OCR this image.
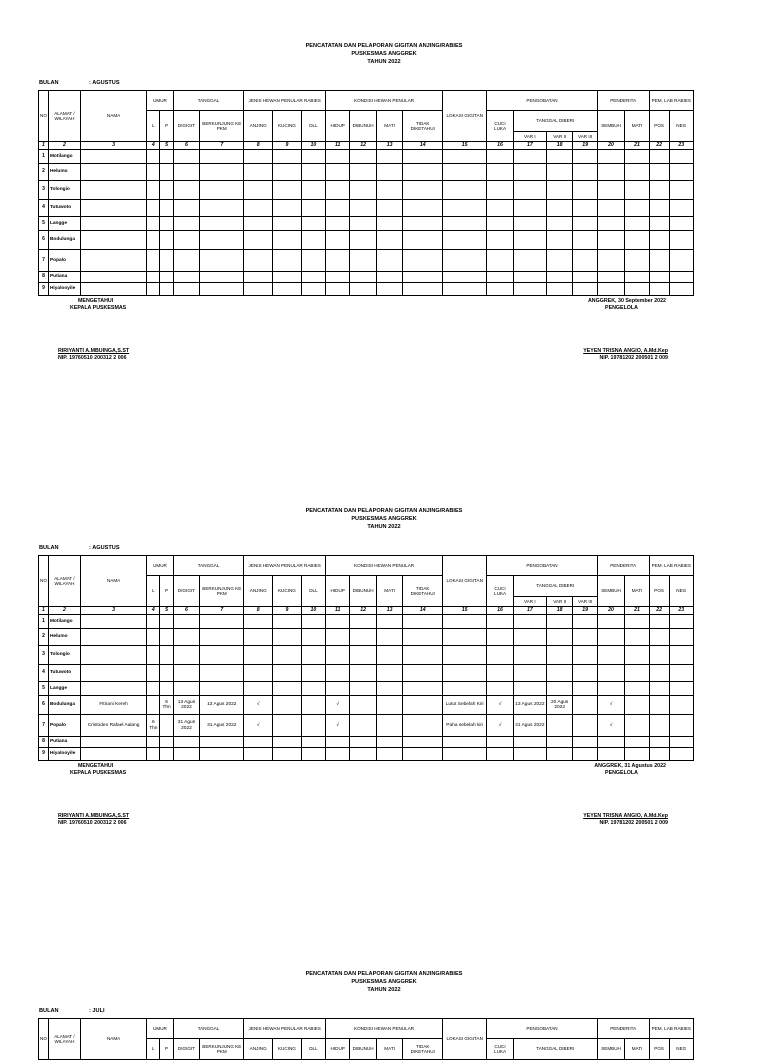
PENCATATAN DAN PELAPORAN GIGITAN ANJING/RABIES
PUSKESMAS ANGGREK
TAHUN 2022
BULAN	: AGUSTUS
NO	ALAMAT /
WILAYAH	NAMA	UMUR		TANGGAL		JENIS HEWAN PENULAR RABIES			KONDISI HEWAN PENULAR				LOKASI GIGITAN	PENGOBATAN				PENDERITA		PEM. LAB RABIES	
			L	P	DIGIGIT	BERKUNJUNG KE PKM	ANJING	KUCING	DLL	HIDUP	DIBUNUH	MATI	TIDAK DIKETAHUI		CUCI LUKA	TANGGAL DIBERI			SEMBUH	MATI	POS	NEG
																VAR I	VAR II	VAR III				
1	2	3	4	5	6	7	8	9	10	11	12	13	14	15	16	17	18	19	20	21	22	23
1	Motilango																					
2	Helumo																					
3	Tolongio																					
4	Tutuwoto																					
5	Langge																					
6	Bodulunga																					
7	Popalo																					
8	Putiana																					
9	Hiyalooyile																					
MENGETAHUI
KEPALA PUSKESMAS
ANGGREK, 30 September 2022
PENGELOLA
RIRIYANTI A.MBUINGA,S.ST
NIP. 19760510 200312 2 006
YEYEN TRISNA ANGIO, A.Md.Kep
NIP. 19781202 200501 2 009
PENCATATAN DAN PELAPORAN GIGITAN ANJING/RABIES
PUSKESMAS ANGGREK
TAHUN 2022
BULAN	: AGUSTUS
NO	ALAMAT /
WILAYAH	NAMA	UMUR		TANGGAL		JENIS HEWAN PENULAR RABIES			KONDISI HEWAN PENULAR				LOKASI GIGITAN	PENGOBATAN				PENDERITA		PEM. LAB RABIES	
			L	P	DIGIGIT	BERKUNJUNG KE PKM	ANJING	KUCING	DLL	HIDUP	DIBUNUH	MATI	TIDAK DIKETAHUI		CUCI LUKA	TANGGAL DIBERI			SEMBUH	MATI	POS	NEG
																VAR I	VAR II	VAR III				
1	2	3	4	5	6	7	8	9	10	11	12	13	14	15	16	17	18	19	20	21	22	23
1	Motilango																					
2	Helumo																					
3	Tolongio																					
4	Tutuwoto																					
5	Langge																					
6	Bodulunga	Fitriani Kereh		6 Thn	13 Agus 2022	13 Agus 2022	√			√				Lutut Sebelah Kiri	√	13 Agus 2022	20 Agus 2022		√			
7	Popalo	Cristodeo Rafael Aalang	6 Thn		31 Agus 2022	31 Agus 2022	√			√				Paha sebelah kiri	√	31 Agus 2022			√			
8	Putiana																					
9	Hiyalooyile																					
MENGETAHUI
KEPALA PUSKESMAS
ANGGREK, 31 Agustus 2022
PENGELOLA
RIRIYANTI A.MBUINGA,S.ST
NIP. 19760510 200312 2 006
YEYEN TRISNA ANGIO, A.Md.Kep
NIP. 19781202 200501 2 009
PENCATATAN DAN PELAPORAN GIGITAN ANJING/RABIES
PUSKESMAS ANGGREK
TAHUN 2022
BULAN	: JULI
NO	ALAMAT /
WILAYAH	NAMA	UMUR		TANGGAL		JENIS HEWAN PENULAR RABIES			KONDISI HEWAN PENULAR				LOKASI GIGITAN	PENGOBATAN		PENDERITA		PEM. LAB RABIES	
			L	P	DIGIGIT	BERKUNJUNG KE PKM	ANJING	KUCING	DLL	HIDUP	DIBUNUH	MATI	TIDAK DIKETAHUI		CUCI LUKA	TANGGAL DIBERI	SEMBUH	MATI	POS	NEG
